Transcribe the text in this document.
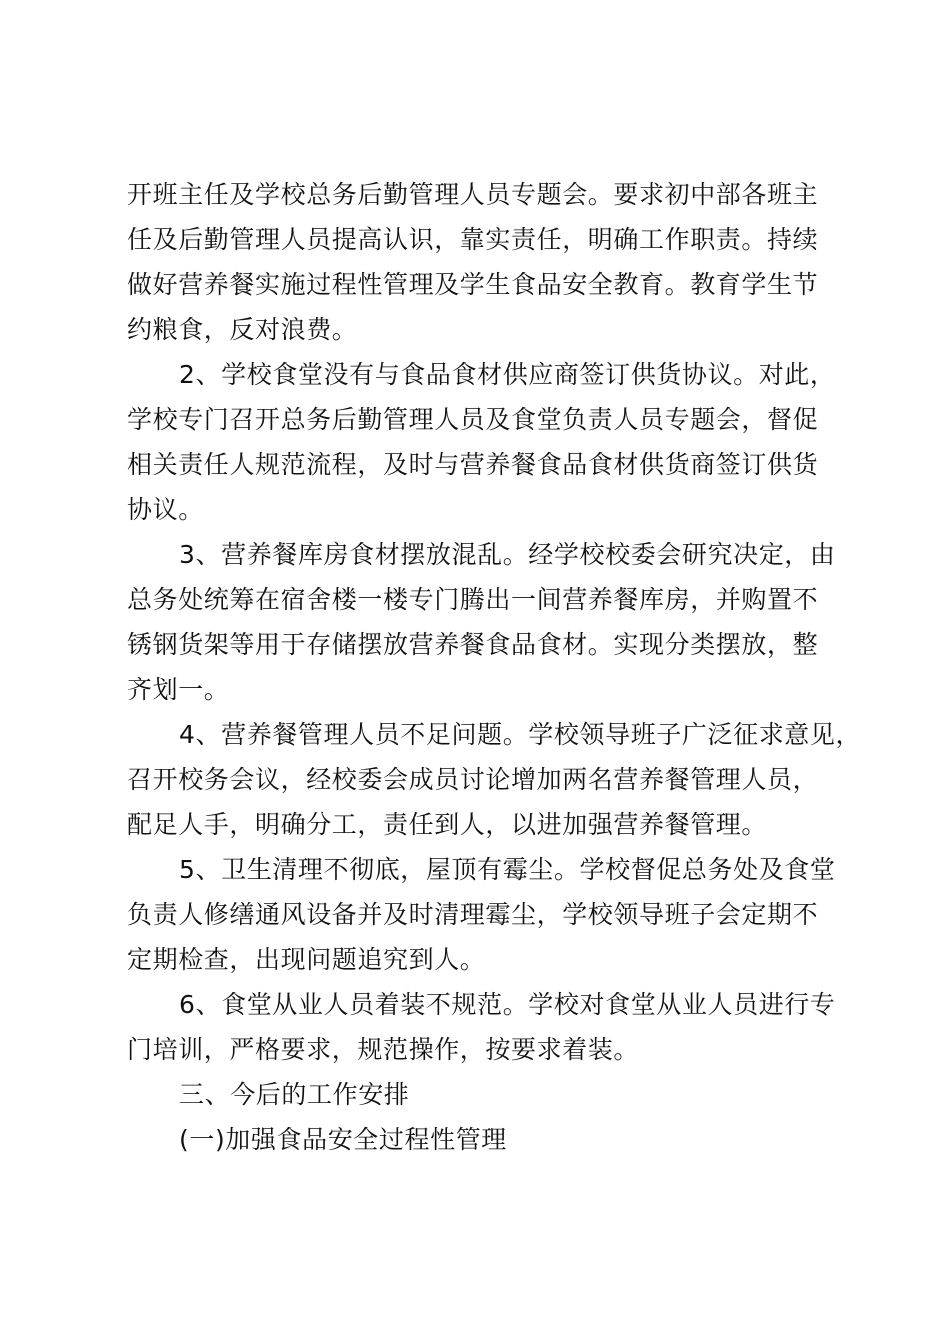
开班主任及学校总务后勤管理人员专题会。要求初中部各班主
任及后勤管理人员提高认识，靠实责任，明确工作职责。持续
做好营养餐实施过程性管理及学生食品安全教育。教育学生节
约粮食，反对浪费。
2、学校食堂没有与食品食材供应商签订供货协议。对此，
学校专门召开总务后勤管理人员及食堂负责人员专题会，督促
相关责任人规范流程，及时与营养餐食品食材供货商签订供货
协议。
3、营养餐库房食材摆放混乱。经学校校委会研究决定，由
总务处统筹在宿舍楼一楼专门腾出一间营养餐库房，并购置不
锈钢货架等用于存储摆放营养餐食品食材。实现分类摆放，整
齐划一。
4、营养餐管理人员不足问题。学校领导班子广泛征求意见，
召开校务会议，经校委会成员讨论增加两名营养餐管理人员，
配足人手，明确分工，责任到人，以进加强营养餐管理。
5、卫生清理不彻底，屋顶有霉尘。学校督促总务处及食堂
负责人修缮通风设备并及时清理霉尘，学校领导班子会定期不
定期检查，出现问题追究到人。
6、食堂从业人员着装不规范。学校对食堂从业人员进行专
门培训，严格要求，规范操作，按要求着装。
三、今后的工作安排
(一)加强食品安全过程性管理
